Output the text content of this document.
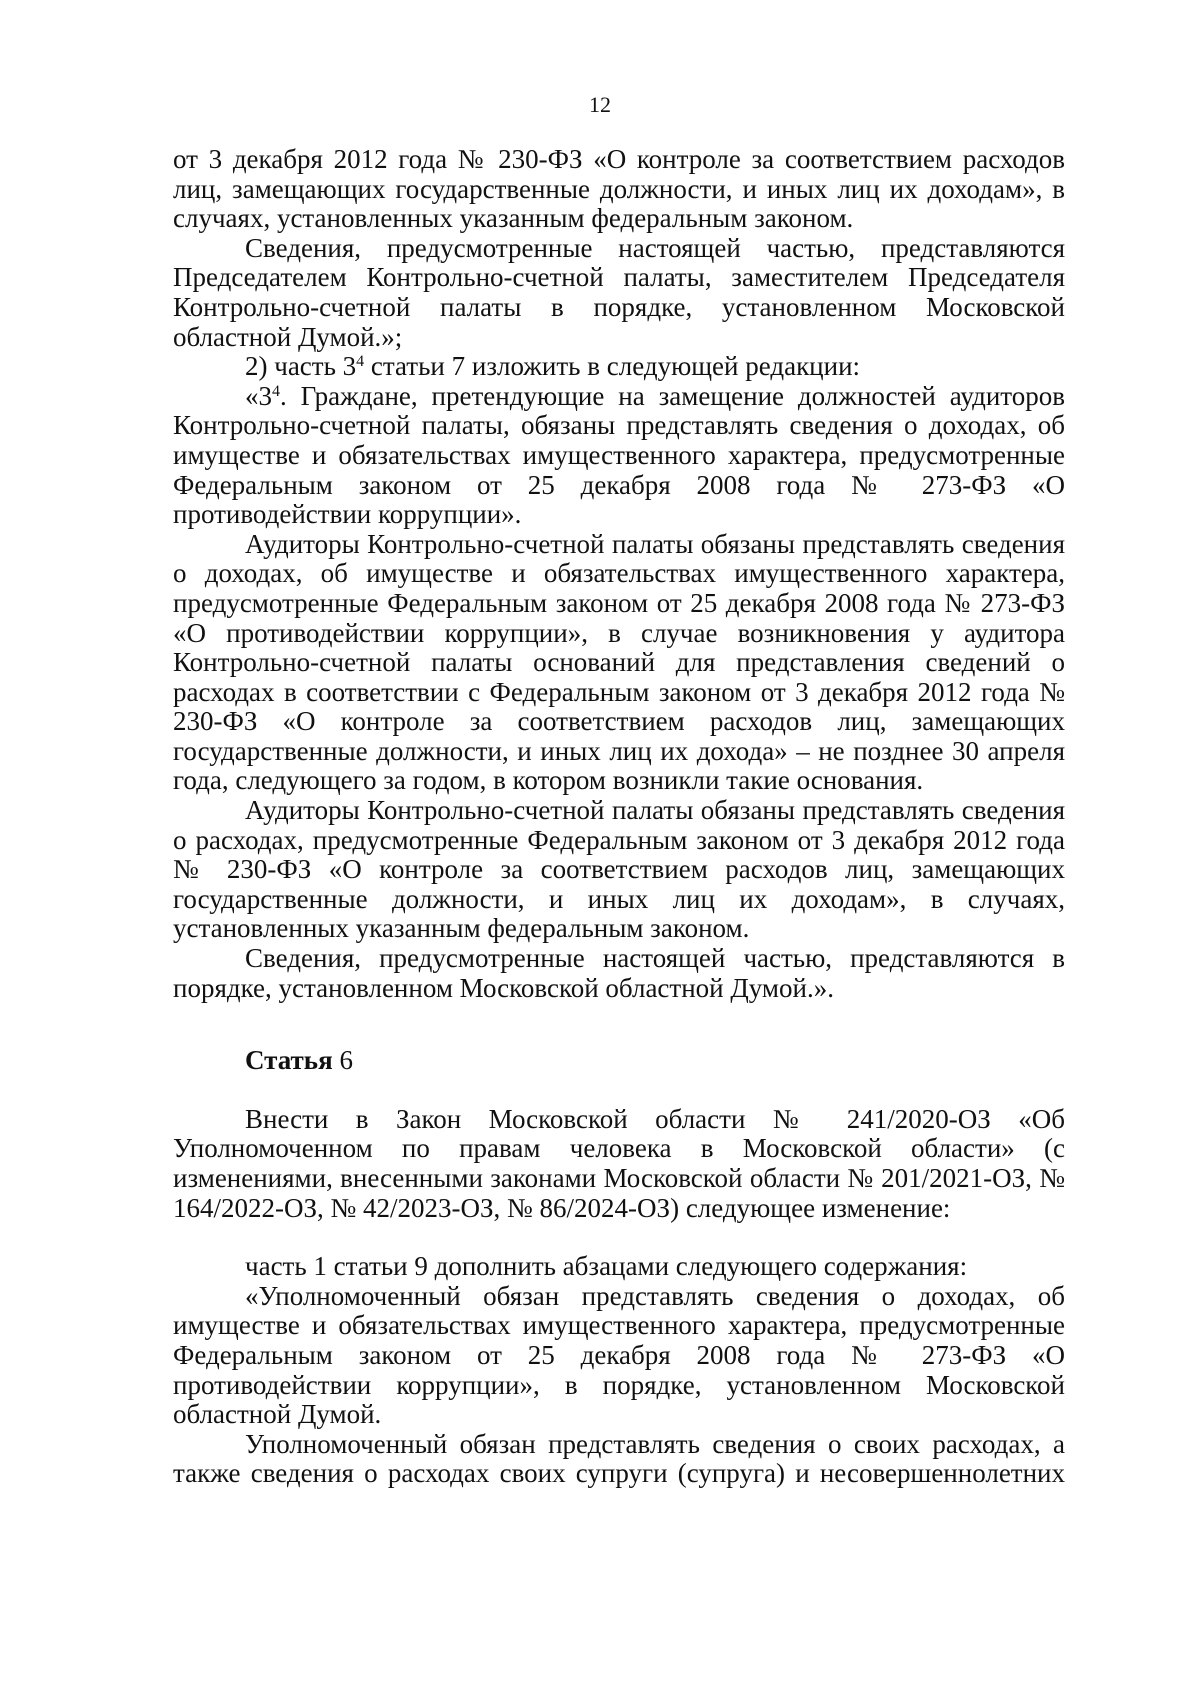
12

от 3 декабря 2012 года № 230-ФЗ «О контроле за соответствием расходов лиц, замещающих государственные должности, и иных лиц их доходам», в случаях, установленных указанным федеральным законом.

Сведения, предусмотренные настоящей частью, представляются Председателем Контрольно-счетной палаты, заместителем Председателя Контрольно-счетной палаты в порядке, установленном Московской областной Думой.»;

2) часть $3^4$ статьи 7 изложить в следующей редакции:

«$3^4$. Граждане, претендующие на замещение должностей аудиторов Контрольно-счетной палаты, обязаны представлять сведения о доходах, об имуществе и обязательствах имущественного характера, предусмотренные Федеральным законом от 25 декабря 2008 года № 273-ФЗ «О противодействии коррупции».

Аудиторы Контрольно-счетной палаты обязаны представлять сведения о доходах, об имуществе и обязательствах имущественного характера, предусмотренные Федеральным законом от 25 декабря 2008 года № 273-ФЗ «О противодействии коррупции», в случае возникновения у аудитора Контрольно-счетной палаты оснований для представления сведений о расходах в соответствии с Федеральным законом от 3 декабря 2012 года № 230-ФЗ «О контроле за соответствием расходов лиц, замещающих государственные должности, и иных лиц их дохода» – не позднее 30 апреля года, следующего за годом, в котором возникли такие основания.

Аудиторы Контрольно-счетной палаты обязаны представлять сведения о расходах, предусмотренные Федеральным законом от 3 декабря 2012 года № 230-ФЗ «О контроле за соответствием расходов лиц, замещающих государственные должности, и иных лиц их доходам», в случаях, установленных указанным федеральным законом.

Сведения, предусмотренные настоящей частью, представляются в порядке, установленном Московской областной Думой.».

Статья 6

Внести в Закон Московской области № 241/2020-ОЗ «Об Уполномоченном по правам человека в Московской области» (с изменениями, внесенными законами Московской области № 201/2021-ОЗ, № 164/2022-ОЗ, № 42/2023-ОЗ, № 86/2024-ОЗ) следующее изменение:

часть 1 статьи 9 дополнить абзацами следующего содержания:

«Уполномоченный обязан представлять сведения о доходах, об имуществе и обязательствах имущественного характера, предусмотренные Федеральным законом от 25 декабря 2008 года № 273-ФЗ «О противодействии коррупции», в порядке, установленном Московской областной Думой.

Уполномоченный обязан представлять сведения о своих расходах, а также сведения о расходах своих супруги (супруга) и несовершеннолетних
